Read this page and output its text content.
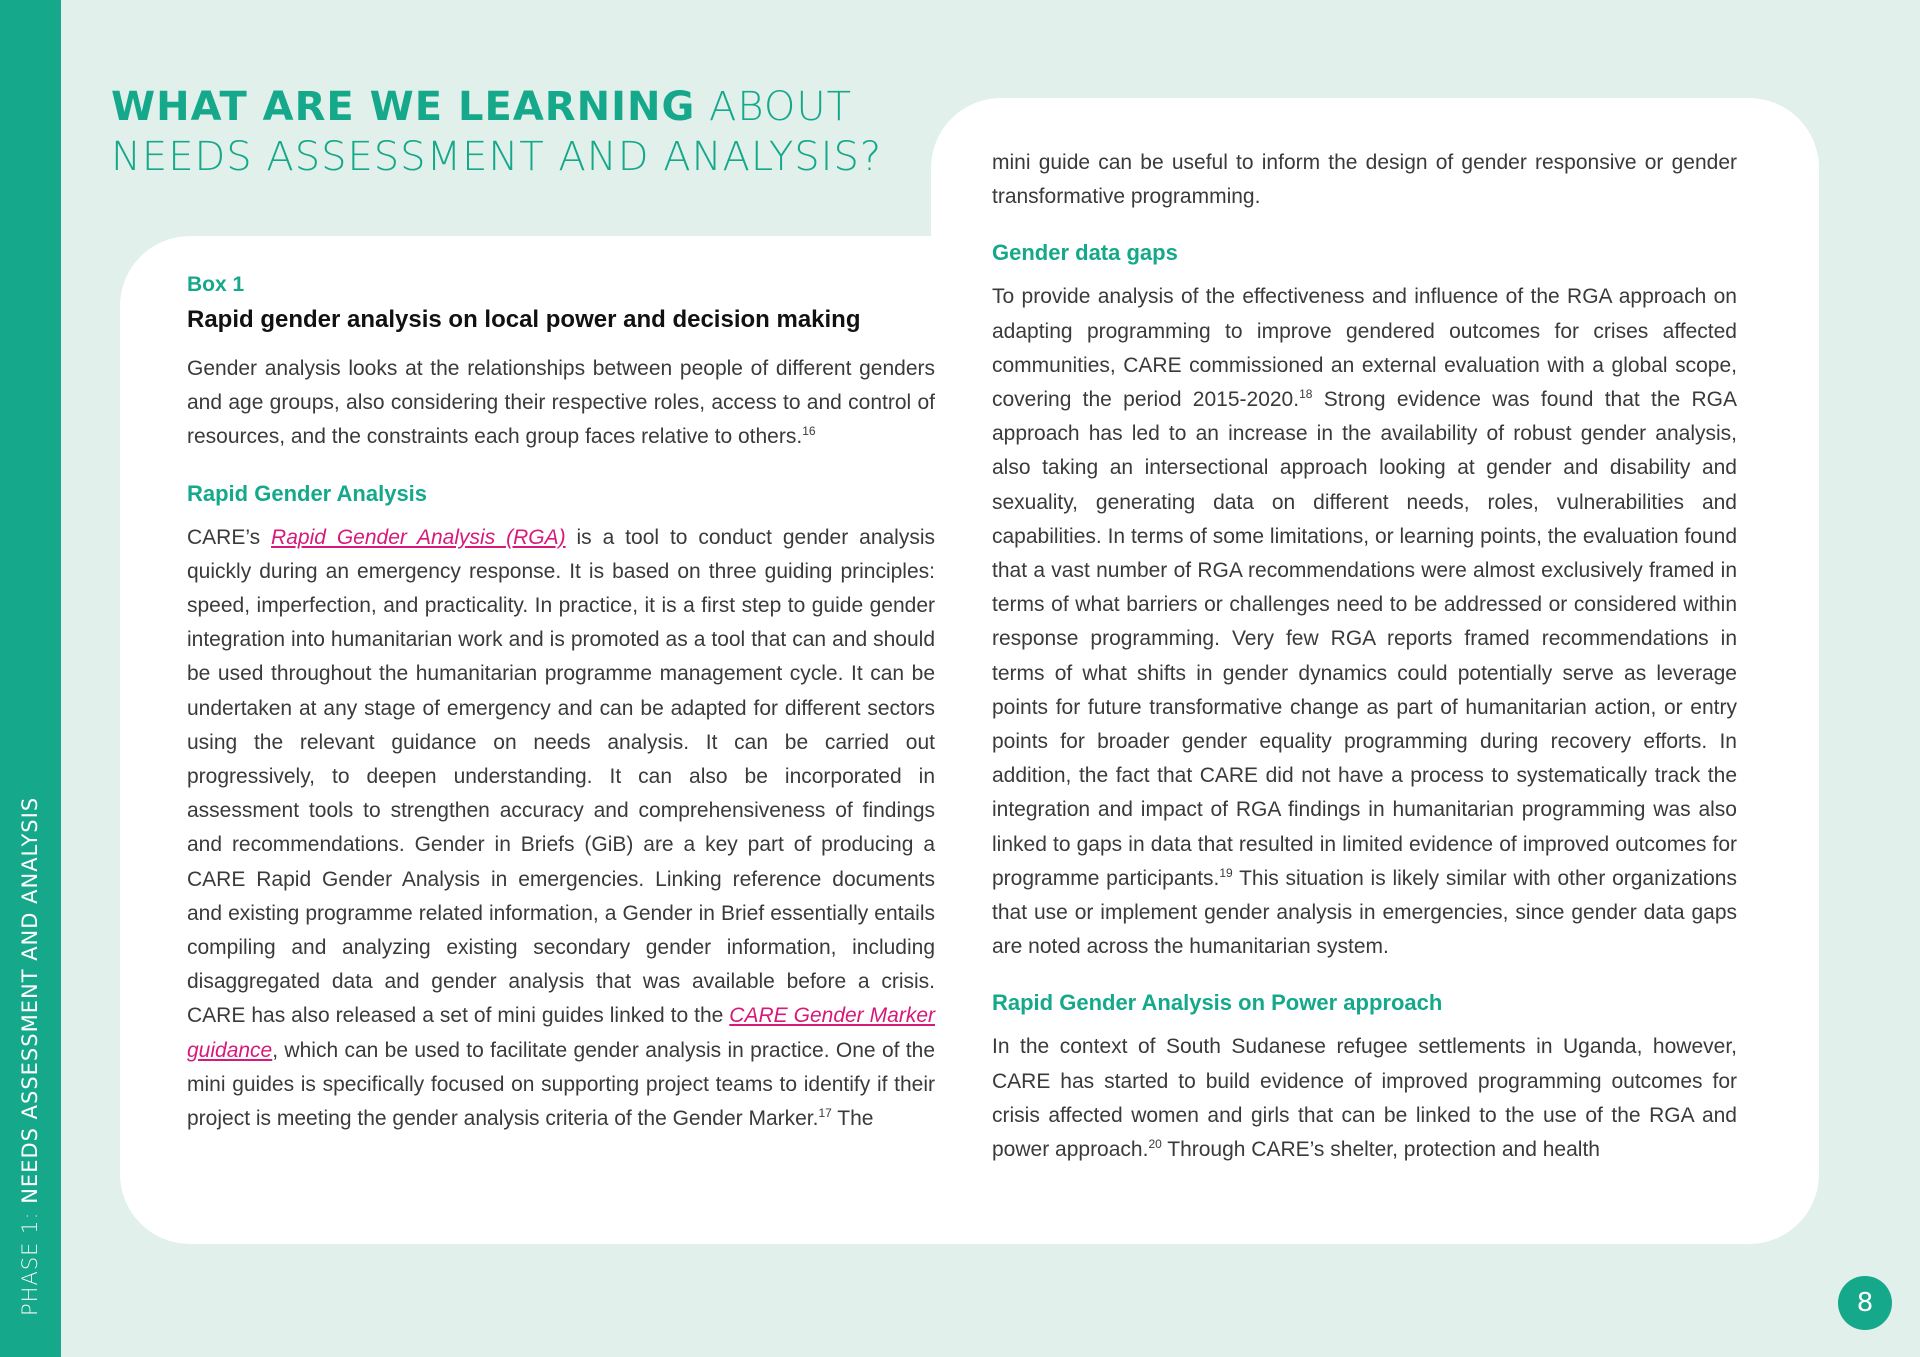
PHASE 1: NEEDS ASSESSMENT AND ANALYSIS
WHAT ARE WE LEARNING ABOUT
NEEDS ASSESSMENT AND ANALYSIS?
Box 1
Rapid gender analysis on local power and decision making

Gender analysis looks at the relationships between people of different genders and age groups, also considering their respective roles, access to and control of resources, and the constraints each group faces relative to others.$^{16}$

Rapid Gender Analysis

CARE’s Rapid Gender Analysis (RGA) is a tool to conduct gender analysis quickly during an emergency response. It is based on three guiding principles: speed, imperfection, and practicality. In practice, it is a first step to guide gender integration into humanitarian work and is promoted as a tool that can and should be used throughout the humanitarian programme management cycle. It can be undertaken at any stage of emergency and can be adapted for different sectors using the relevant guidance on needs analysis. It can be carried out progressively, to deepen understanding. It can also be incorporated in assessment tools to strengthen accuracy and comprehensiveness of findings and recommendations. Gender in Briefs (GiB) are a key part of producing a CARE Rapid Gender Analysis in emergencies. Linking reference documents and existing programme related information, a Gender in Brief essentially entails compiling and analyzing existing secondary gender information, including disaggregated data and gender analysis that was available before a crisis. CARE has also released a set of mini guides linked to the CARE Gender Marker guidance, which can be used to facilitate gender analysis in practice. One of the mini guides is specifically focused on supporting project teams to identify if their project is meeting the gender analysis criteria of the Gender Marker.$^{17}$ The

mini guide can be useful to inform the design of gender responsive or gender transformative programming.

Gender data gaps

To provide analysis of the effectiveness and influence of the RGA approach on adapting programming to improve gendered outcomes for crises affected communities, CARE commissioned an external evaluation with a global scope, covering the period 2015-2020.18 Strong evidence was found that the RGA approach has led to an increase in the availability of robust gender analysis, also taking an intersectional approach looking at gender and disability and sexuality, generating data on different needs, roles, vulnerabilities and capabilities. In terms of some limitations, or learning points, the evaluation found that a vast number of RGA recommendations were almost exclusively framed in terms of what barriers or challenges need to be addressed or considered within response programming. Very few RGA reports framed recommendations in terms of what shifts in gender dynamics could potentially serve as leverage points for future transformative change as part of humanitarian action, or entry points for broader gender equality programming during recovery efforts. In addition, the fact that CARE did not have a process to systematically track the integration and impact of RGA findings in humanitarian programming was also linked to gaps in data that resulted in limited evidence of improved outcomes for programme participants.$^{19}$ This situation is likely similar with other organizations that use or implement gender analysis in emergencies, since gender data gaps are noted across the humanitarian system.

Rapid Gender Analysis on Power approach

In the context of South Sudanese refugee settlements in Uganda, however, CARE has started to build evidence of improved programming outcomes for crisis affected women and girls that can be linked to the use of the RGA and power approach.$^{20}$ Through CARE’s shelter, protection and health

8
